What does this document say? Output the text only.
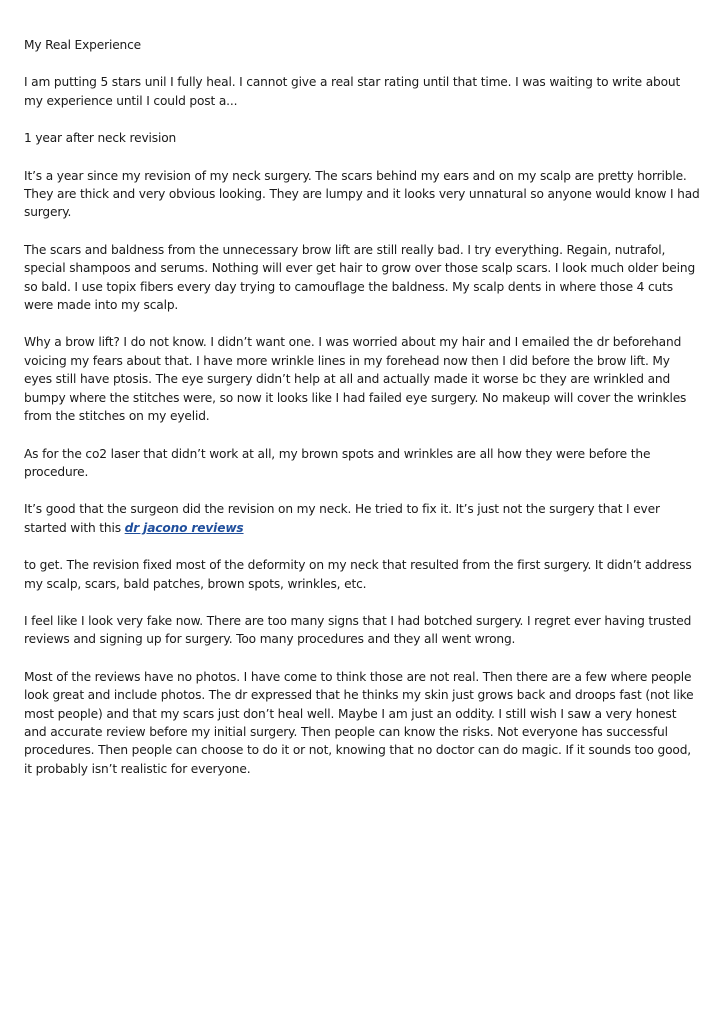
My Real Experience

I am putting 5 stars unil I fully heal. I cannot give a real star rating until that time. I was waiting to write about my experience until I could post a...

1 year after neck revision

It’s a year since my revision of my neck surgery. The scars behind my ears and on my scalp are pretty horrible. They are thick and very obvious looking. They are lumpy and it looks very unnatural so anyone would know I had surgery.

The scars and baldness from the unnecessary brow lift are still really bad. I try everything. Regain, nutrafol, special shampoos and serums. Nothing will ever get hair to grow over those scalp scars. I look much older being so bald. I use topix fibers every day trying to camouflage the baldness. My scalp dents in where those 4 cuts were made into my scalp.

Why a brow lift? I do not know. I didn’t want one. I was worried about my hair and I emailed the dr beforehand voicing my fears about that. I have more wrinkle lines in my forehead now then I did before the brow lift. My eyes still have ptosis. The eye surgery didn’t help at all and actually made it worse bc they are wrinkled and bumpy where the stitches were, so now it looks like I had failed eye surgery. No makeup will cover the wrinkles from the stitches on my eyelid.

As for the co2 laser that didn’t work at all, my brown spots and wrinkles are all how they were before the procedure.

It’s good that the surgeon did the revision on my neck. He tried to fix it. It’s just not the surgery that I ever started with this dr jacono reviews

to get. The revision fixed most of the deformity on my neck that resulted from the first surgery. It didn’t address my scalp, scars, bald patches, brown spots, wrinkles, etc.

I feel like I look very fake now. There are too many signs that I had botched surgery. I regret ever having trusted reviews and signing up for surgery. Too many procedures and they all went wrong.

Most of the reviews have no photos. I have come to think those are not real. Then there are a few where people look great and include photos. The dr expressed that he thinks my skin just grows back and droops fast (not like most people) and that my scars just don’t heal well. Maybe I am just an oddity. I still wish I saw a very honest and accurate review before my initial surgery. Then people can know the risks. Not everyone has successful procedures. Then people can choose to do it or not, knowing that no doctor can do magic. If it sounds too good, it probably isn’t realistic for everyone.
